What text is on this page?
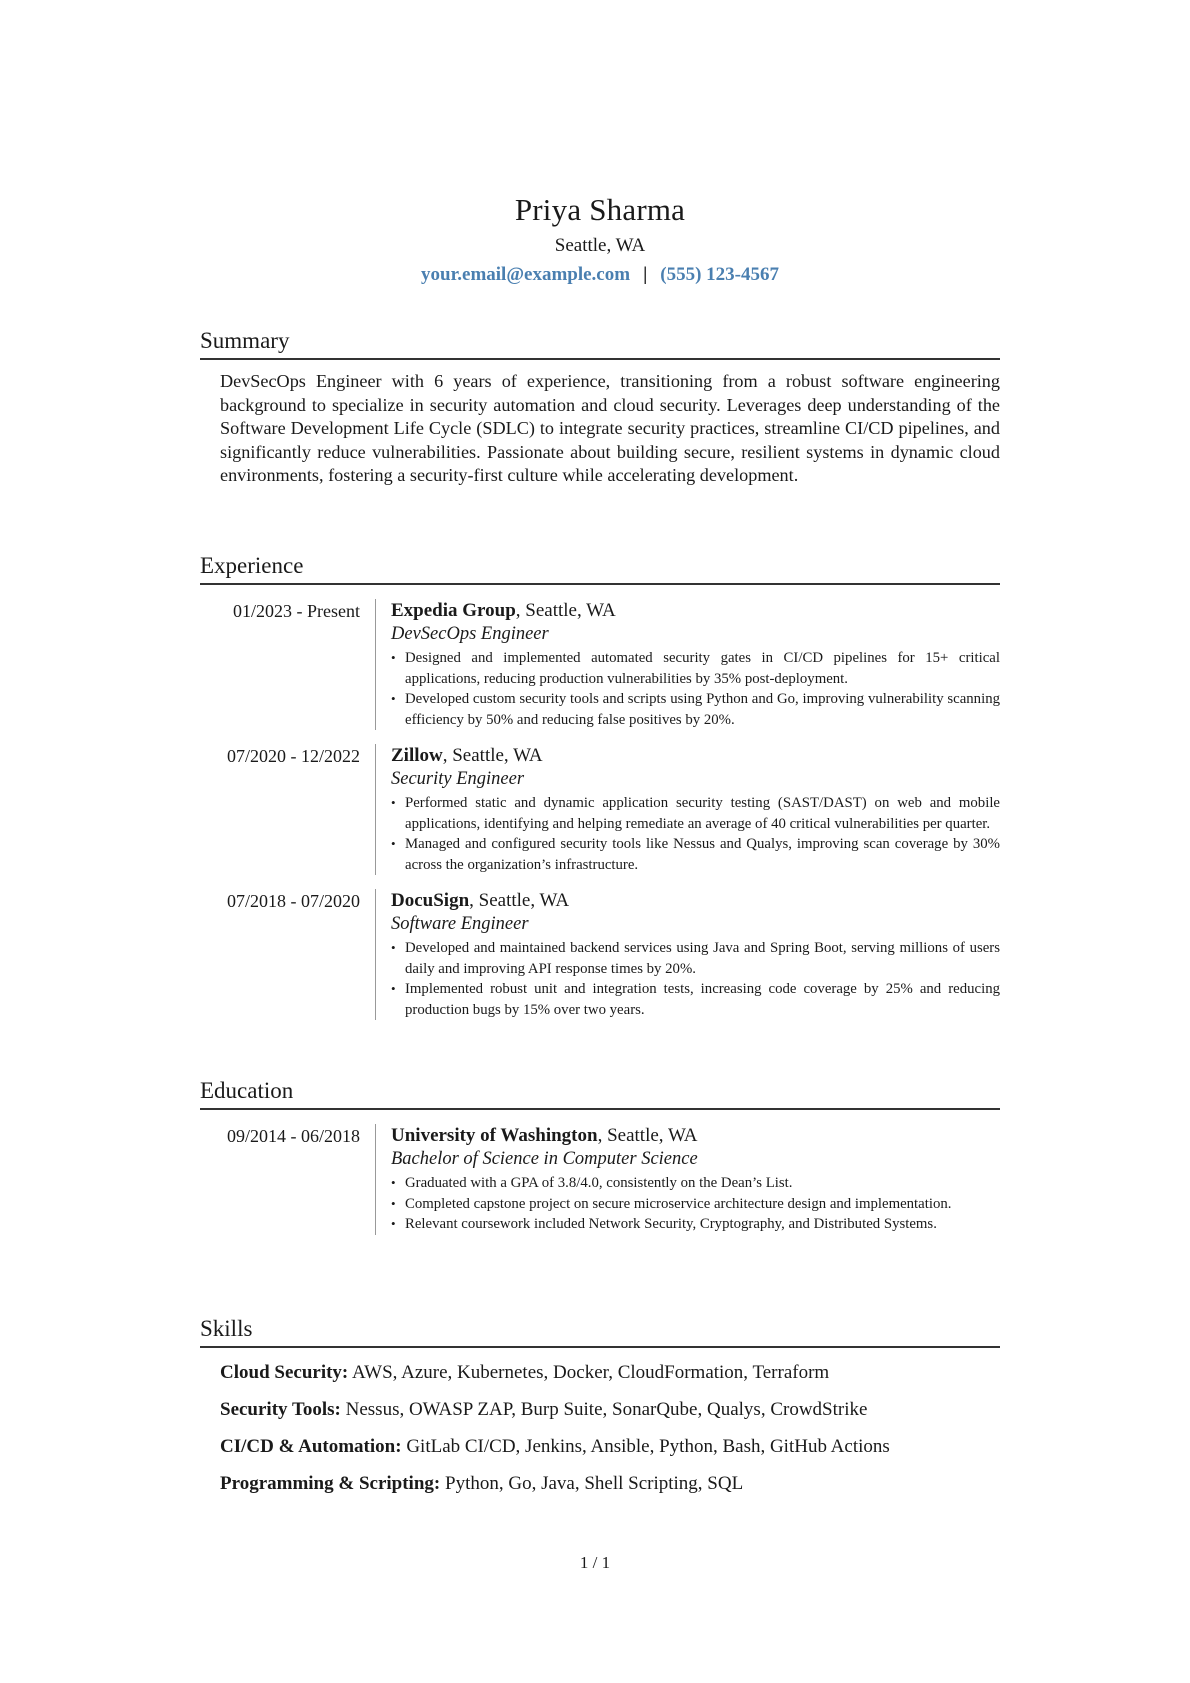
Priya Sharma
Seattle, WA
your.email@example.com | (555) 123-4567
Summary

DevSecOps Engineer with 6 years of experience, transitioning from a robust software engineering background to specialize in security automation and cloud security. Leverages deep understanding of the Software Development Life Cycle (SDLC) to integrate security practices, streamline CI/CD pipelines, and significantly reduce vulnerabilities. Passionate about building secure, resilient systems in dynamic cloud environments, fostering a security-first culture while accelerating development.

Experience
01/2023 - Present	Expedia Group, Seattle, WA
DevSecOps Engineer
• Designed and implemented automated security gates in CI/CD pipelines for 15+ critical applications, reducing production vulnerabilities by 35% post-deployment.
• Developed custom security tools and scripts using Python and Go, improving vulnerability scanning efficiency by 50% and reducing false positives by 20%.
07/2020 - 12/2022	Zillow, Seattle, WA
Security Engineer
• Performed static and dynamic application security testing (SAST/DAST) on web and mobile applications, identifying and helping remediate an average of 40 critical vulnerabilities per quarter.
• Managed and configured security tools like Nessus and Qualys, improving scan coverage by 30% across the organization’s infrastructure.
07/2018 - 07/2020	DocuSign, Seattle, WA
Software Engineer
• Developed and maintained backend services using Java and Spring Boot, serving millions of users daily and improving API response times by 20%.
• Implemented robust unit and integration tests, increasing code coverage by 25% and reducing production bugs by 15% over two years.
Education
09/2014 - 06/2018	University of Washington, Seattle, WA
Bachelor of Science in Computer Science
• Graduated with a GPA of 3.8/4.0, consistently on the Dean’s List.
• Completed capstone project on secure microservice architecture design and implementation.
• Relevant coursework included Network Security, Cryptography, and Distributed Systems.
Skills
Cloud Security: AWS, Azure, Kubernetes, Docker, CloudFormation, Terraform
Security Tools: Nessus, OWASP ZAP, Burp Suite, SonarQube, Qualys, CrowdStrike
CI/CD & Automation: GitLab CI/CD, Jenkins, Ansible, Python, Bash, GitHub Actions
Programming & Scripting: Python, Go, Java, Shell Scripting, SQL
1 / 1
